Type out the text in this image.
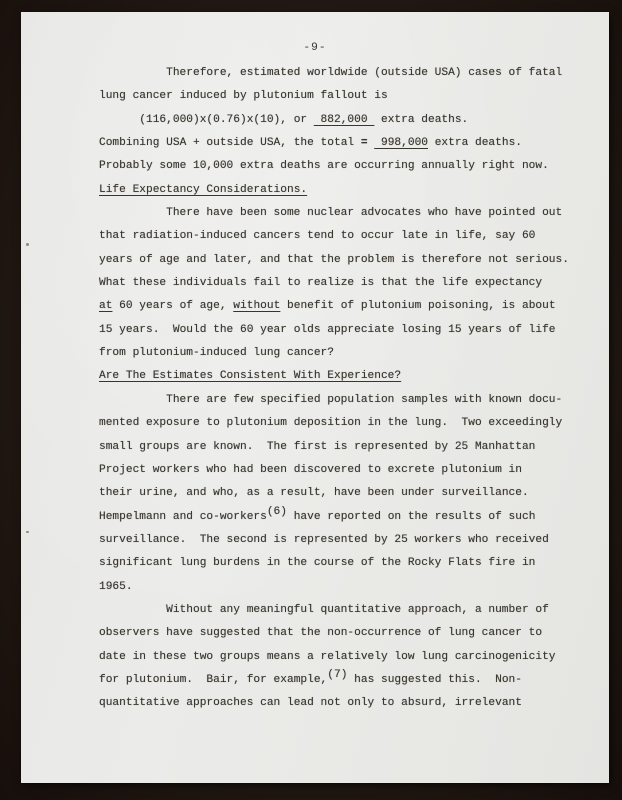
-9-
Therefore, estimated worldwide (outside USA) cases of fatal
lung cancer induced by plutonium fallout is
(116,000)x(0.76)x(10), or  882,000  extra deaths.
Combining USA + outside USA, the total =  998,000 extra deaths.
Probably some 10,000 extra deaths are occurring annually right now.
Life Expectancy Considerations.
There have been some nuclear advocates who have pointed out
that radiation-induced cancers tend to occur late in life, say 60
years of age and later, and that the problem is therefore not serious.
What these individuals fail to realize is that the life expectancy
at 60 years of age, without benefit of plutonium poisoning, is about
15 years.  Would the 60 year olds appreciate losing 15 years of life
from plutonium-induced lung cancer?
Are The Estimates Consistent With Experience?
There are few specified population samples with known docu-
mented exposure to plutonium deposition in the lung.  Two exceedingly
small groups are known.  The first is represented by 25 Manhattan
Project workers who had been discovered to excrete plutonium in
their urine, and who, as a result, have been under surveillance.
Hempelmann and co-workers(6) have reported on the results of such
surveillance.  The second is represented by 25 workers who received
significant lung burdens in the course of the Rocky Flats fire in
1965.
Without any meaningful quantitative approach, a number of
observers have suggested that the non-occurrence of lung cancer to
date in these two groups means a relatively low lung carcinogenicity
for plutonium.  Bair, for example,(7) has suggested this.  Non-
quantitative approaches can lead not only to absurd, irrelevant
